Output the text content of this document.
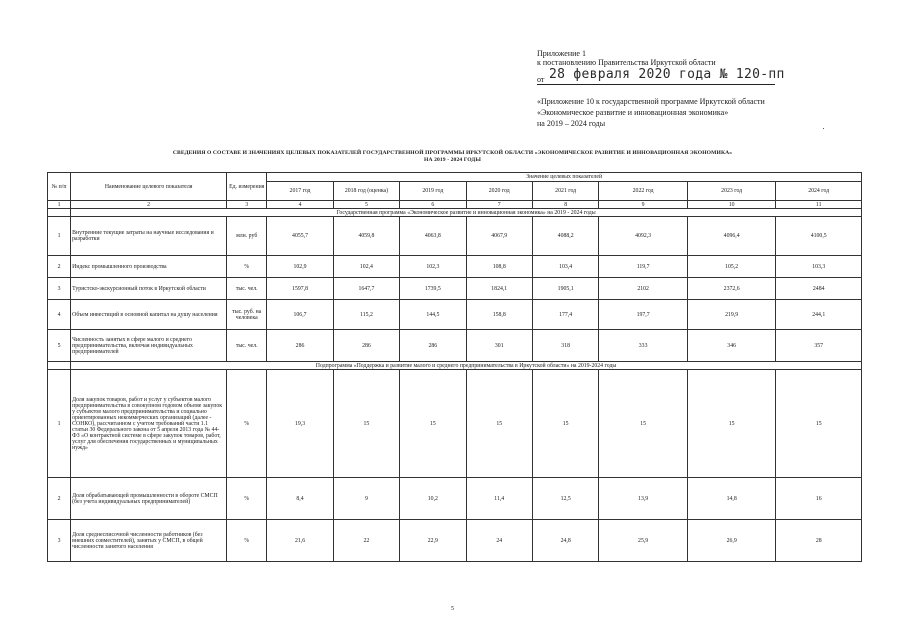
Приложение 1
к постановлению Правительства Иркутской области
от 28 февраля 2020 года № 120-пп
«Приложение 10 к государственной программе Иркутской области
«Экономическое развитие и инновационная экономика»
на 2019 – 2024 годы
СВЕДЕНИЯ О СОСТАВЕ И ЗНАЧЕНИЯХ ЦЕЛЕВЫХ ПОКАЗАТЕЛЕЙ ГОСУДАРСТВЕННОЙ ПРОГРАММЫ ИРКУТСКОЙ ОБЛАСТИ «ЭКОНОМИЧЕСКОЕ РАЗВИТИЕ И ИННОВАЦИОННАЯ ЭКОНОМИКА»
НА 2019 - 2024 ГОДЫ
№ п/п	Наименование целевого показателя	Ед. измерения	Значение целевых показателей							
			2017 год	2018 год (оценка)	2019 год	2020 год	2021 год	2022 год	2023 год	2024 год
1	2	3	4	5	6	7	8	9	10	11
	Государственная программа «Экономическое развитие и инновационная экономика» на 2019 - 2024 годы									
1	Внутренние текущие затраты на научные исследования и разработки	млн. руб	4055,7	4059,8	4063,8	4067,9	4088,2	4092,3	4096,4	4100,5
2	Индекс промышленного производства	%	102,9	102,4	102,3	108,8	103,4	119,7	105,2	103,3
3	Туристско-экскурсионный поток в Иркутской области	тыс. чел.	1597,8	1647,7	1739,5	1824,1	1905,1	2102	2372,6	2484
4	Объем инвестиций в основной капитал на душу населения	тыс. руб. на человека	106,7	115,2	144,5	158,8	177,4	197,7	219,9	244,1
5	Численность занятых в сфере малого и среднего предпринимательства, включая индивидуальных предпринимателей	тыс. чел.	286	286	286	301	318	333	346	357
	Подпрограмма «Поддержка и развитие малого и среднего предпринимательства в Иркутской области» на 2019-2024 годы									
1	Доля закупок товаров, работ и услуг у субъектов малого предпринимательства в совокупном годовом объеме закупок у субъектов малого предпринимательства и социально ориентированных некоммерческих организаций (далее - СОНКО), рассчитанном с учетом требований части 1.1 статьи 30 Федерального закона от 5 апреля 2013 года № 44-ФЗ «О контрактной системе в сфере закупок товаров, работ, услуг для обеспечения государственных и муниципальных нужд»	%	19,3	15	15	15	15	15	15	15
2	Доля обрабатывающей промышленности в обороте СМСП (без учета индивидуальных предпринимателей)	%	8,4	9	10,2	11,4	12,5	13,9	14,8	16
3	Доля среднесписочной численности работников (без внешних совместителей), занятых у СМСП, в общей численности занятого населения	%	21,6	22	22,9	24	24,8	25,9	26,9	28
5
